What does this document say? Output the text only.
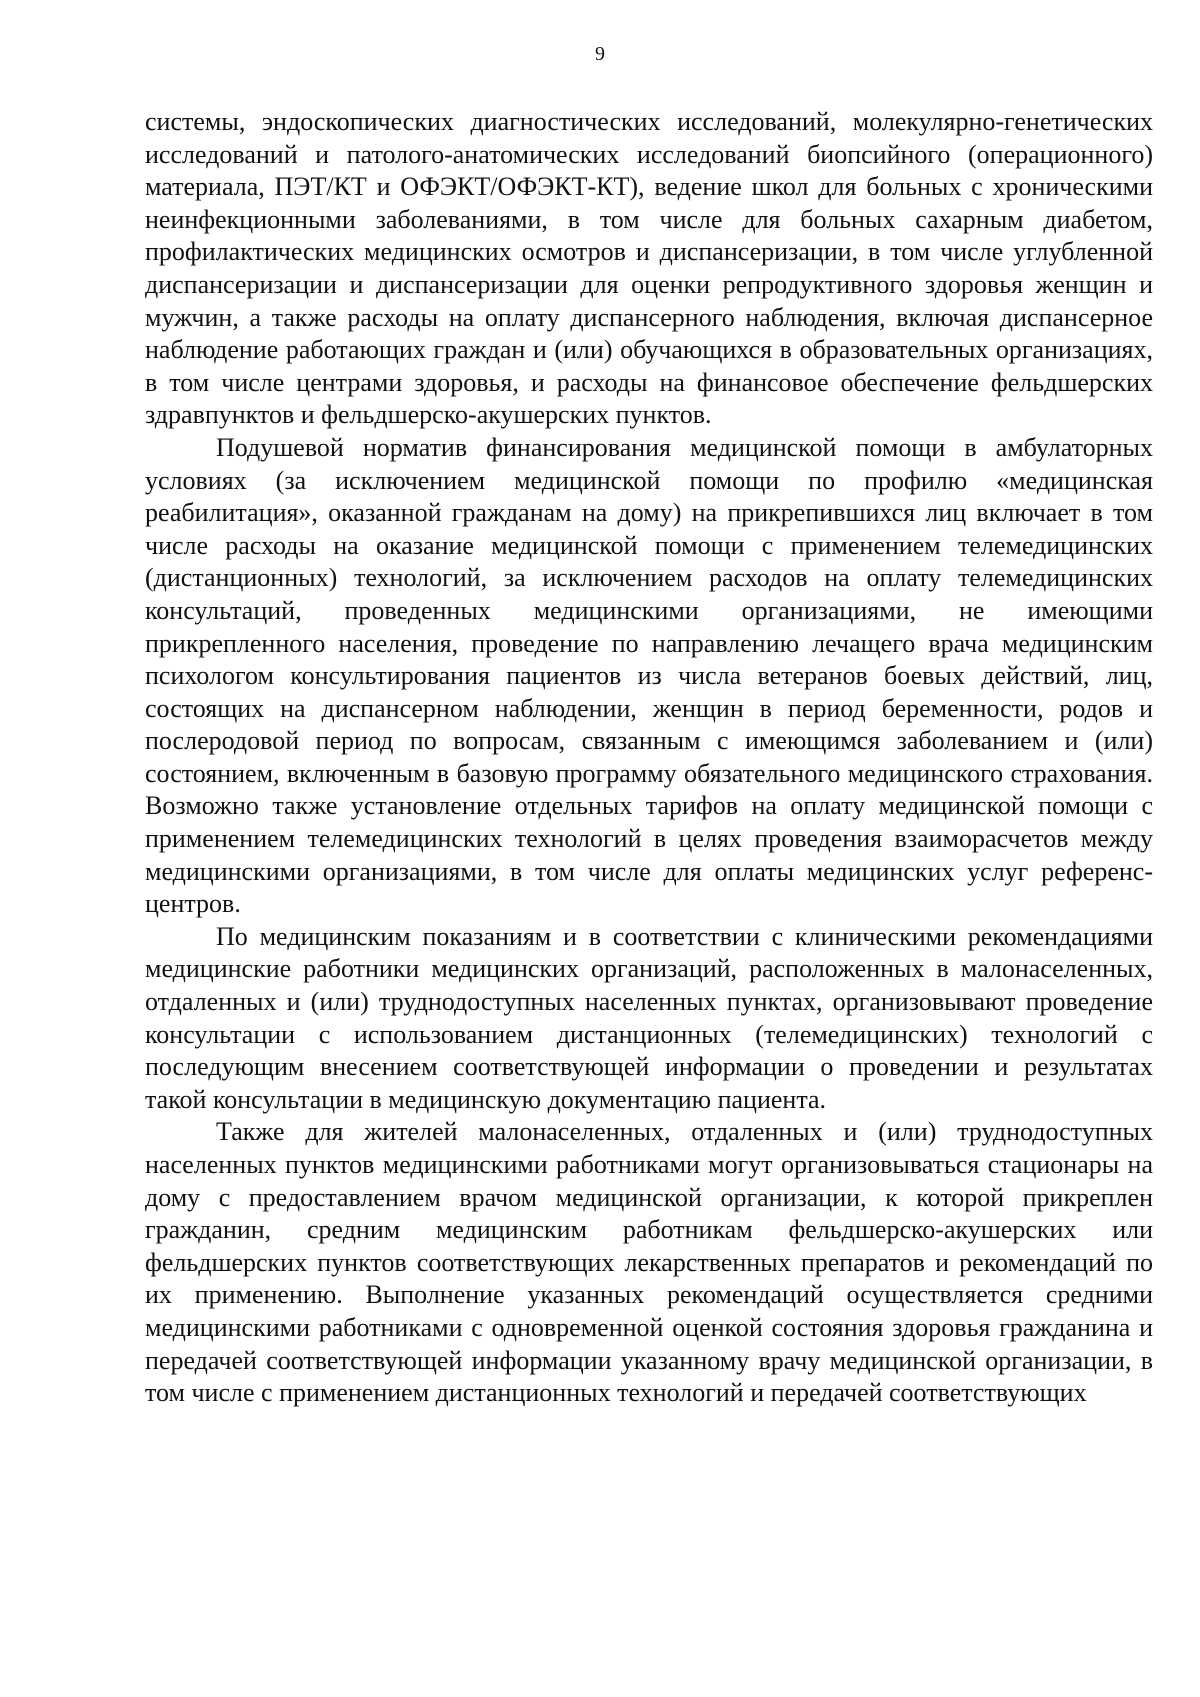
9

системы, эндоскопических диагностических исследований, молекулярно-генетических исследований и патолого-анатомических исследований биопсийного (операционного) материала, ПЭТ/КТ и ОФЭКТ/ОФЭКТ-КТ), ведение школ для больных с хроническими неинфекционными заболеваниями, в том числе для больных сахарным диабетом, профилактических медицинских осмотров и диспансеризации, в том числе углубленной диспансеризации и диспансеризации для оценки репродуктивного здоровья женщин и мужчин, а также расходы на оплату диспансерного наблюдения, включая диспансерное наблюдение работающих граждан и (или) обучающихся в образовательных организациях, в том числе центрами здоровья, и расходы на финансовое обеспечение фельдшерских здравпунктов и фельдшерско-акушерских пунктов.

Подушевой норматив финансирования медицинской помощи в амбулаторных условиях (за исключением медицинской помощи по профилю «медицинская реабилитация», оказанной гражданам на дому) на прикрепившихся лиц включает в том числе расходы на оказание медицинской помощи с применением телемедицинских (дистанционных) технологий, за исключением расходов на оплату телемедицинских консультаций, проведенных медицинскими организациями, не имеющими прикрепленного населения, проведение по направлению лечащего врача медицинским психологом консультирования пациентов из числа ветеранов боевых действий, лиц, состоящих на диспансерном наблюдении, женщин в период беременности, родов и послеродовой период по вопросам, связанным с имеющимся заболеванием и (или) состоянием, включенным в базовую программу обязательного медицинского страхования. Возможно также установление отдельных тарифов на оплату медицинской помощи с применением телемедицинских технологий в целях проведения взаиморасчетов между медицинскими организациями, в том числе для оплаты медицинских услуг референс-центров.

По медицинским показаниям и в соответствии с клиническими рекомендациями медицинские работники медицинских организаций, расположенных в малонаселенных, отдаленных и (или) труднодоступных населенных пунктах, организовывают проведение консультации с использованием дистанционных (телемедицинских) технологий с последующим внесением соответствующей информации о проведении и результатах такой консультации в медицинскую документацию пациента.

Также для жителей малонаселенных, отдаленных и (или) труднодоступных населенных пунктов медицинскими работниками могут организовываться стационары на дому с предоставлением врачом медицинской организации, к которой прикреплен гражданин, средним медицинским работникам фельдшерско-акушерских или фельдшерских пунктов соответствующих лекарственных препаратов и рекомендаций по их применению. Выполнение указанных рекомендаций осуществляется средними медицинскими работниками с одновременной оценкой состояния здоровья гражданина и передачей соответствующей информации указанному врачу медицинской организации, в том числе с применением дистанционных технологий и передачей соответствующих
